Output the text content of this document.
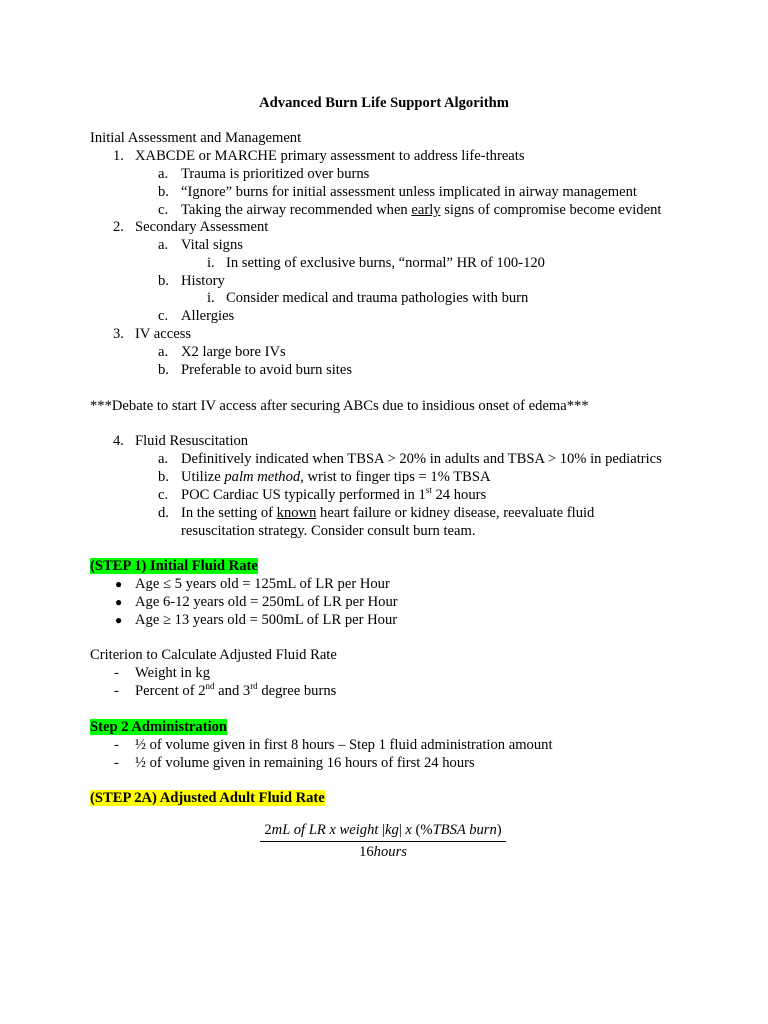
Advanced Burn Life Support Algorithm
Initial Assessment and Management
1. XABCDE or MARCHE primary assessment to address life-threats
a. Trauma is prioritized over burns
b. “Ignore” burns for initial assessment unless implicated in airway management
c. Taking the airway recommended when early signs of compromise become evident
2. Secondary Assessment
a. Vital signs
i. In setting of exclusive burns, “normal” HR of 100-120
b. History
i. Consider medical and trauma pathologies with burn
c. Allergies
3. IV access
a. X2 large bore IVs
b. Preferable to avoid burn sites
***Debate to start IV access after securing ABCs due to insidious onset of edema***
4. Fluid Resuscitation
a. Definitively indicated when TBSA > 20% in adults and TBSA > 10% in pediatrics
b. Utilize palm method, wrist to finger tips = 1% TBSA
c. POC Cardiac US typically performed in 1st 24 hours
d. In the setting of known heart failure or kidney disease, reevaluate fluid
resuscitation strategy. Consider consult burn team.
(STEP 1) Initial Fluid Rate
● Age ≤ 5 years old = 125mL of LR per Hour
● Age 6-12 years old = 250mL of LR per Hour
● Age ≥ 13 years old = 500mL of LR per Hour
Criterion to Calculate Adjusted Fluid Rate
- Weight in kg
- Percent of 2nd and 3rd degree burns
Step 2 Administration
- ½ of volume given in first 8 hours – Step 1 fluid administration amount
- ½ of volume given in remaining 16 hours of first 24 hours
(STEP 2A) Adjusted Adult Fluid Rate
2mL of LR x weight |kg| x (%TBSA burn)
16hours
